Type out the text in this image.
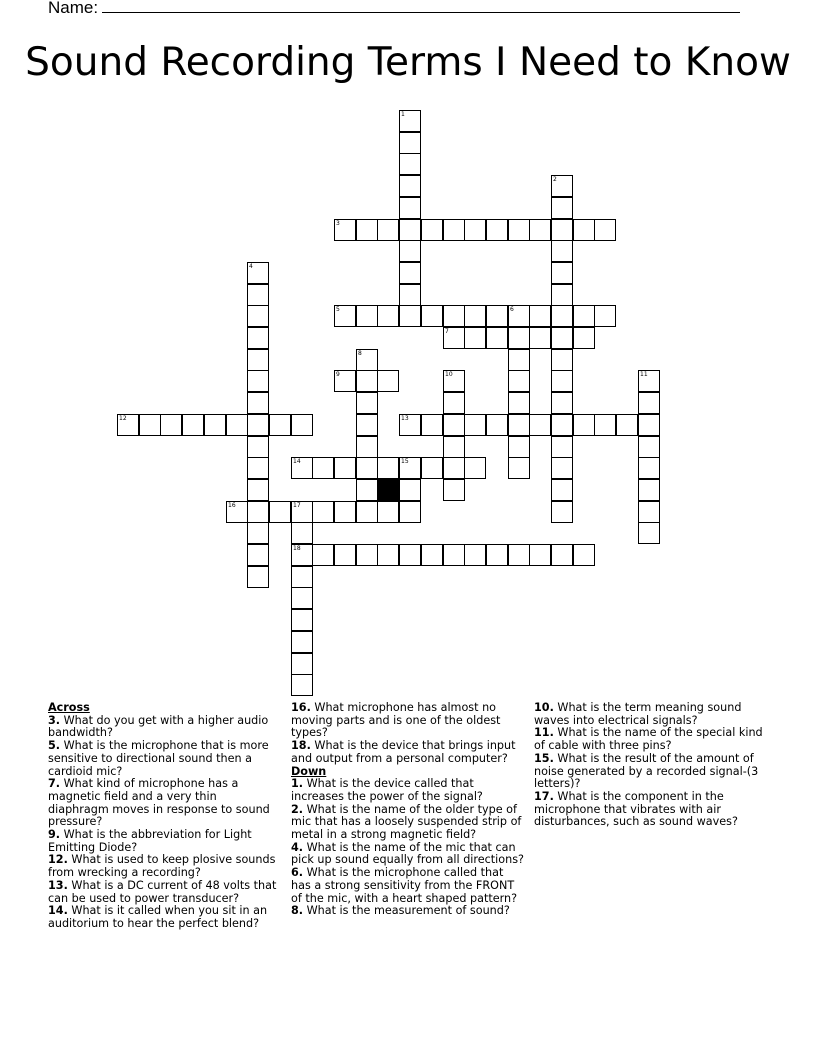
Name:
Sound Recording Terms I Need to Know
3
5	6
7
9
12	13
14	15
16	17
18
1
2
4
8
10	11
Across
3. What do you get with a higher audio bandwidth?
5. What is the microphone that is more sensitive to directional sound then a cardioid mic?
7. What kind of microphone has a magnetic field and a very thin diaphragm moves in response to sound pressure?
9. What is the abbreviation for Light Emitting Diode?
12. What is used to keep plosive sounds from wrecking a recording?
13. What is a DC current of 48 volts that can be used to power transducer?
14. What is it called when you sit in an auditorium to hear the perfect blend?
16. What microphone has almost no moving parts and is one of the oldest types?
18. What is the device that brings input and output from a personal computer?
Down
1. What is the device called that increases the power of the signal?
2. What is the name of the older type of mic that has a loosely suspended strip of metal in a strong magnetic field?
4. What is the name of the mic that can pick up sound equally from all directions?
6. What is the microphone called that has a strong sensitivity from the FRONT of the mic, with a heart shaped pattern?
8. What is the measurement of sound?
10. What is the term meaning sound waves into electrical signals?
11. What is the name of the special kind of cable with three pins?
15. What is the result of the amount of noise generated by a recorded signal-(3 letters)?
17. What is the component in the microphone that vibrates with air disturbances, such as sound waves?
